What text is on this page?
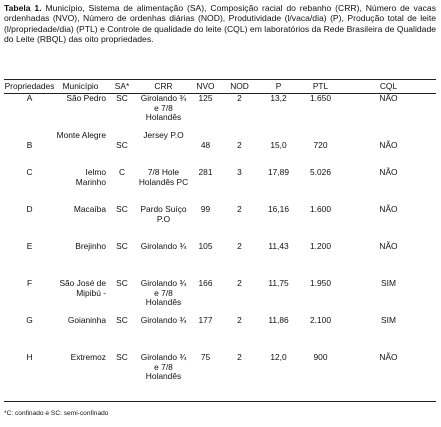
Tabela 1. Município, Sistema de alimentação (SA), Composição racial do rebanho (CRR), Número de vacas ordenhadas (NVO), Número de ordenhas diárias (NOD), Produtividade (l/vaca/dia) (P), Produção total de leite (l/propriedade/dia) (PTL) e Controle de qualidade do leite (CQL) em laboratórios da Rede Brasileira de Qualidade do Leite (RBQL) das oito propriedades.
Propriedades	Município	SA*	CRR	NVO	NOD	P	PTL	CQL
A	São Pedro	SC	Girolando ¾ e 7/8 Holandês	125	2	13,2	1.650	NÃO
B	Monte Alegre	SC	Jersey P.O	48	2	15,0	720	NÃO
C	Ielmo Marinho	C	7/8 Hole Holandês PC	281	3	17,89	5.026	NÃO
D	Macaíba	SC	Pardo Suíço P.O	99	2	16,16	1.600	NÃO
E	Brejinho	SC	Girolando ¾	105	2	11,43	1.200	NÃO
F	São José de Mipibú -	SC	Girolando ¾ e 7/8 Holandês	166	2	11,75	1.950	SIM
G	Goianinha	SC	Girolando ¾	177	2	11,86	2.100	SIM
H	Extremoz	SC	Girolando ¾ e 7/8 Holandês	75	2	12,0	900	NÃO
*C: confinado e SC: semi-confinado
